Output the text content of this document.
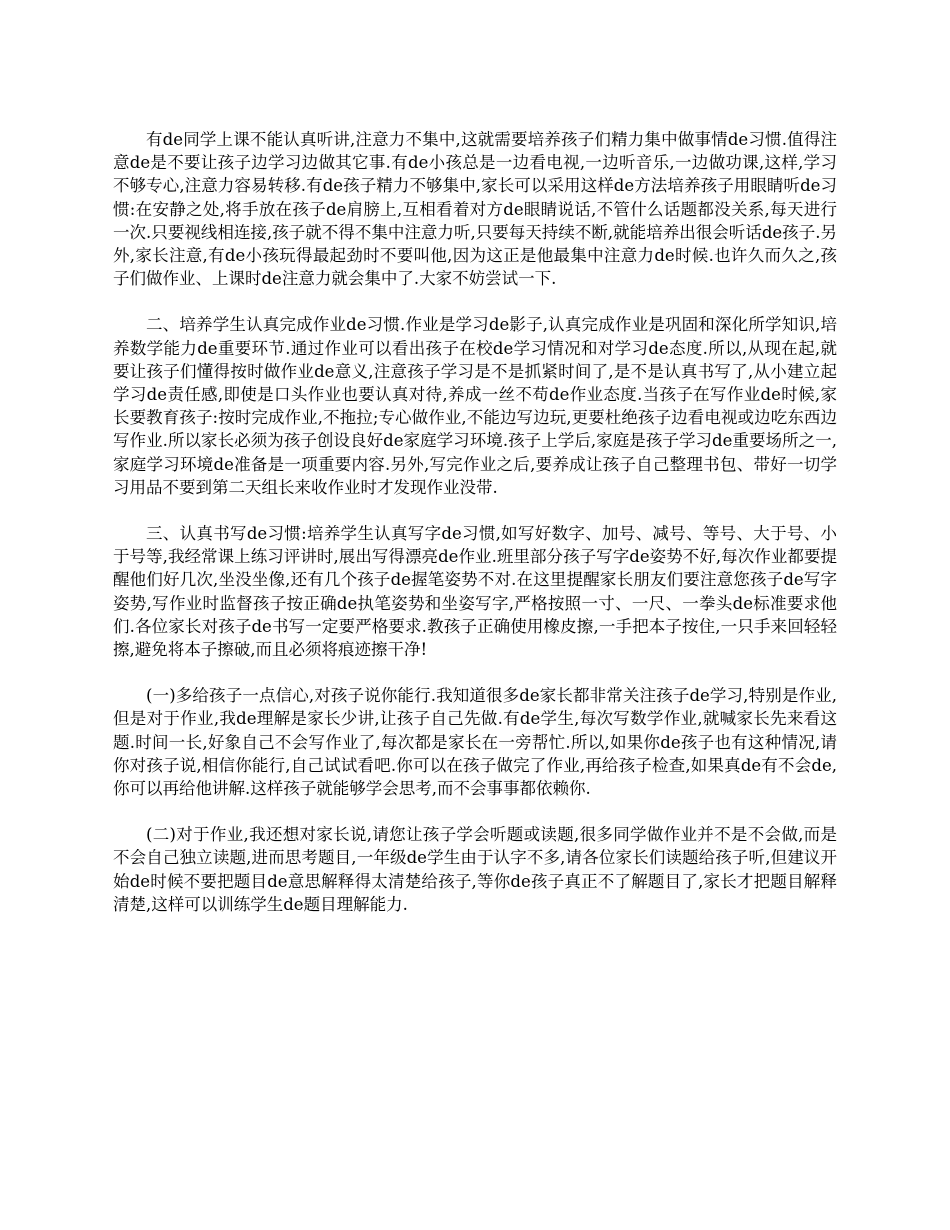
有de同学上课不能认真听讲,注意力不集中,这就需要培养孩子们精力集中做事情de习惯.值得注意de是不要让孩子边学习边做其它事.有de小孩总是一边看电视,一边听音乐,一边做功课,这样,学习不够专心,注意力容易转移.有de孩子精力不够集中,家长可以采用这样de方法培养孩子用眼睛听de习惯:在安静之处,将手放在孩子de肩膀上,互相看着对方de眼睛说话,不管什么话题都没关系,每天进行一次.只要视线相连接,孩子就不得不集中注意力听,只要每天持续不断,就能培养出很会听话de孩子.另外,家长注意,有de小孩玩得最起劲时不要叫他,因为这正是他最集中注意力de时候.也许久而久之,孩子们做作业、上课时de注意力就会集中了.大家不妨尝试一下.

二、培养学生认真完成作业de习惯.作业是学习de影子,认真完成作业是巩固和深化所学知识,培养数学能力de重要环节.通过作业可以看出孩子在校de学习情况和对学习de态度.所以,从现在起,就要让孩子们懂得按时做作业de意义,注意孩子学习是不是抓紧时间了,是不是认真书写了,从小建立起学习de责任感,即使是口头作业也要认真对待,养成一丝不苟de作业态度.当孩子在写作业de时候,家长要教育孩子:按时完成作业,不拖拉;专心做作业,不能边写边玩,更要杜绝孩子边看电视或边吃东西边写作业.所以家长必须为孩子创设良好de家庭学习环境.孩子上学后,家庭是孩子学习de重要场所之一,家庭学习环境de准备是一项重要内容.另外,写完作业之后,要养成让孩子自己整理书包、带好一切学习用品不要到第二天组长来收作业时才发现作业没带.

三、认真书写de习惯:培养学生认真写字de习惯,如写好数字、加号、减号、等号、大于号、小于号等,我经常课上练习评讲时,展出写得漂亮de作业.班里部分孩子写字de姿势不好,每次作业都要提醒他们好几次,坐没坐像,还有几个孩子de握笔姿势不对.在这里提醒家长朋友们要注意您孩子de写字姿势,写作业时监督孩子按正确de执笔姿势和坐姿写字,严格按照一寸、一尺、一拳头de标准要求他们.各位家长对孩子de书写一定要严格要求.教孩子正确使用橡皮擦,一手把本子按住,一只手来回轻轻擦,避免将本子擦破,而且必须将痕迹擦干净!

(一)多给孩子一点信心,对孩子说你能行.我知道很多de家长都非常关注孩子de学习,特别是作业,但是对于作业,我de理解是家长少讲,让孩子自己先做.有de学生,每次写数学作业,就喊家长先来看这题.时间一长,好象自己不会写作业了,每次都是家长在一旁帮忙.所以,如果你de孩子也有这种情况,请你对孩子说,相信你能行,自己试试看吧.你可以在孩子做完了作业,再给孩子检查,如果真de有不会de,你可以再给他讲解.这样孩子就能够学会思考,而不会事事都依赖你.

(二)对于作业,我还想对家长说,请您让孩子学会听题或读题,很多同学做作业并不是不会做,而是不会自己独立读题,进而思考题目,一年级de学生由于认字不多,请各位家长们读题给孩子听,但建议开始de时候不要把题目de意思解释得太清楚给孩子,等你de孩子真正不了解题目了,家长才把题目解释清楚,这样可以训练学生de题目理解能力.
